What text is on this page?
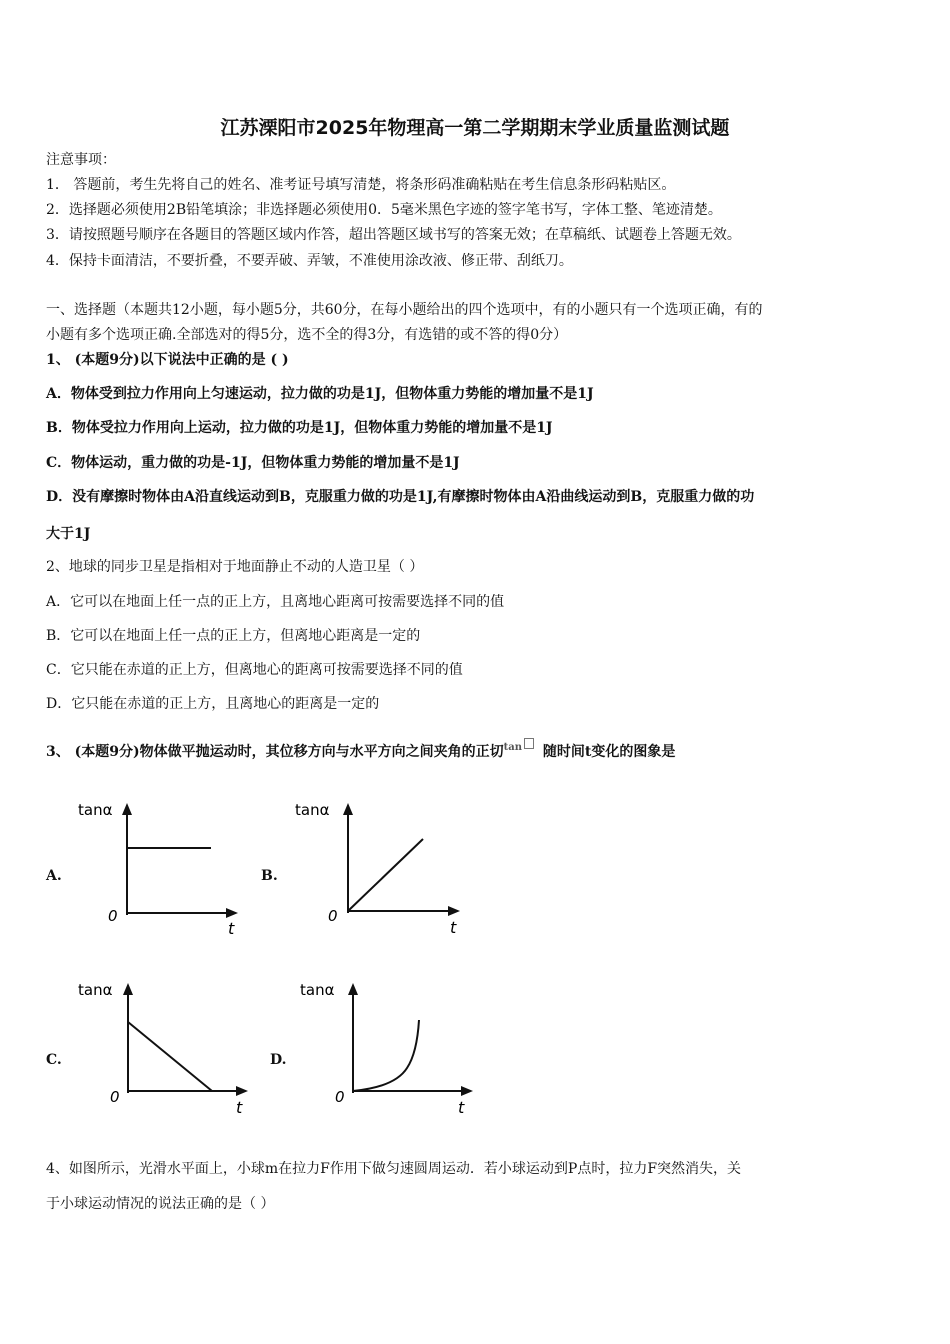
江苏溧阳市2025年物理高一第二学期期末学业质量监测试题
注意事项：
1． 答题前，考生先将自己的姓名、准考证号填写清楚，将条形码准确粘贴在考生信息条形码粘贴区。
2．选择题必须使用2B铅笔填涂；非选择题必须使用0．5毫米黑色字迹的签字笔书写，字体工整、笔迹清楚。
3．请按照题号顺序在各题目的答题区域内作答，超出答题区域书写的答案无效；在草稿纸、试题卷上答题无效。
4．保持卡面清洁，不要折叠，不要弄破、弄皱，不准使用涂改液、修正带、刮纸刀。
一、选择题（本题共12小题，每小题5分，共60分，在每小题给出的四个选项中，有的小题只有一个选项正确，有的
小题有多个选项正确.全部选对的得5分，选不全的得3分，有选错的或不答的得0分）
1、 (本题9分)以下说法中正确的是 ( )
A．物体受到拉力作用向上匀速运动，拉力做的功是1J，但物体重力势能的增加量不是1J
B．物体受拉力作用向上运动，拉力做的功是1J，但物体重力势能的增加量不是1J
C．物体运动，重力做的功是-1J，但物体重力势能的增加量不是1J
D．没有摩擦时物体由A沿直线运动到B，克服重力做的功是1J,有摩擦时物体由A沿曲线运动到B，克服重力做的功
大于1J
2、地球的同步卫星是指相对于地面静止不动的人造卫星（ ）
A．它可以在地面上任一点的正上方，且离地心距离可按需要选择不同的值
B．它可以在地面上任一点的正上方，但离地心距离是一定的
C．它只能在赤道的正上方，但离地心的距离可按需要选择不同的值
D．它只能在赤道的正上方，且离地心的距离是一定的
3、 (本题9分)物体做平抛运动时，其位移方向与水平方向之间夹角的正切$^{tan}$ 随时间t变化的图象是
A.	B.
C.	D.
tanα
0
t
tanα
0
t
tanα
0
t
tanα
0
t
4、如图所示，光滑水平面上，小球m在拉力F作用下做匀速圆周运动．若小球运动到P点时，拉力F突然消失，关
于小球运动情况的说法正确的是（ ）
